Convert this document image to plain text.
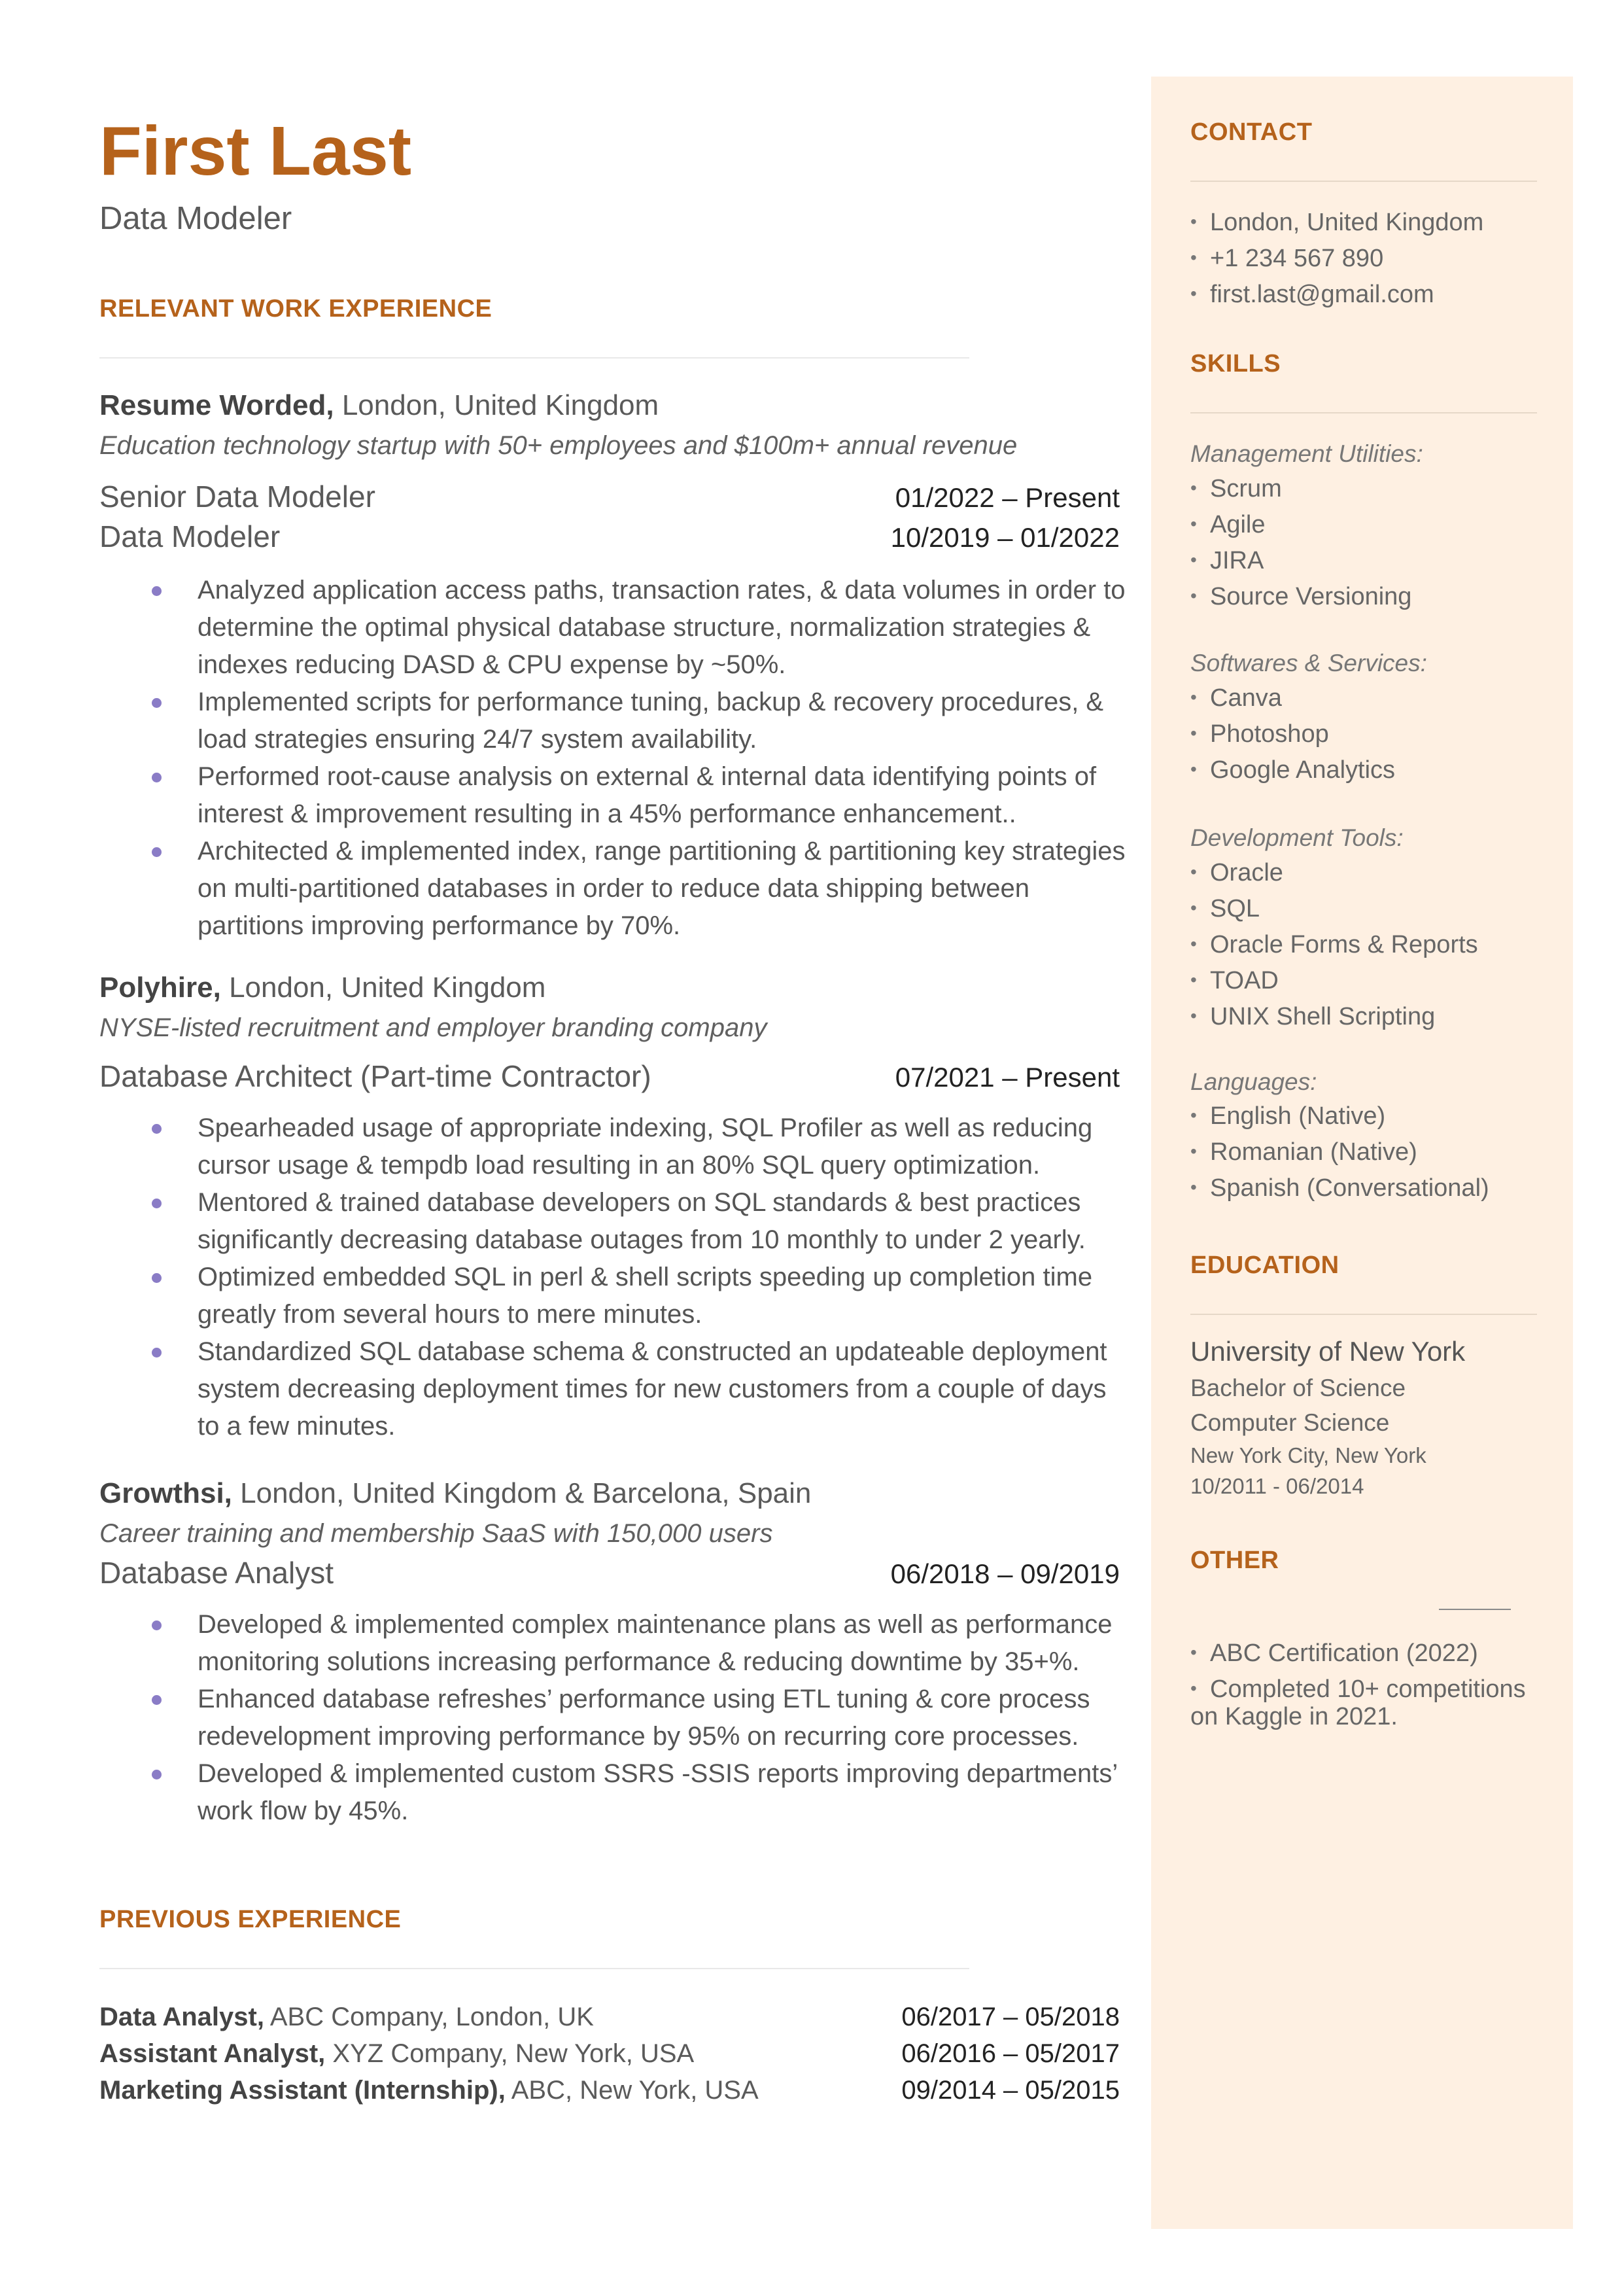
First Last
Data Modeler
RELEVANT WORK EXPERIENCE
Resume Worded, London, United Kingdom
Education technology startup with 50+ employees and $100m+ annual revenue
Senior Data Modeler	01/2022 – Present
Data Modeler	10/2019 – 01/2022
Analyzed application access paths, transaction rates, & data volumes in order to determine the optimal physical database structure, normalization strategies & indexes reducing DASD & CPU expense by ~50%.
Implemented scripts for performance tuning, backup & recovery procedures, & load strategies ensuring 24/7 system availability.
Performed root-cause analysis on external & internal data identifying points of interest & improvement resulting in a 45% performance enhancement..
Architected & implemented index, range partitioning & partitioning key strategies on multi-partitioned databases in order to reduce data shipping between partitions improving performance by 70%.
Polyhire, London, United Kingdom
NYSE-listed recruitment and employer branding company
Database Architect (Part-time Contractor)	07/2021 – Present
Spearheaded usage of appropriate indexing, SQL Profiler as well as reducing cursor usage & tempdb load resulting in an 80% SQL query optimization.
Mentored & trained database developers on SQL standards & best practices significantly decreasing database outages from 10 monthly to under 2 yearly.
Optimized embedded SQL in perl & shell scripts speeding up completion time greatly from several hours to mere minutes.
Standardized SQL database schema & constructed an updateable deployment system decreasing deployment times for new customers from a couple of days to a few minutes.
Growthsi, London, United Kingdom & Barcelona, Spain
Career training and membership SaaS with 150,000 users
Database Analyst	06/2018 – 09/2019
Developed & implemented complex maintenance plans as well as performance monitoring solutions increasing performance & reducing downtime by 35+%.
Enhanced database refreshes’ performance using ETL tuning & core process redevelopment improving performance by 95% on recurring core processes.
Developed & implemented custom SSRS -SSIS reports improving departments’ work flow by 45%.
PREVIOUS EXPERIENCE
Data Analyst, ABC Company, London, UK	06/2017 – 05/2018
Assistant Analyst, XYZ Company, New York, USA	06/2016 – 05/2017
Marketing Assistant (Internship), ABC, New York, USA	09/2014 – 05/2015
CONTACT
• London, United Kingdom
• +1 234 567 890
• first.last@gmail.com
SKILLS
Management Utilities:
• Scrum
• Agile
• JIRA
• Source Versioning
Softwares & Services:
• Canva
• Photoshop
• Google Analytics
Development Tools:
• Oracle
• SQL
• Oracle Forms & Reports
• TOAD
• UNIX Shell Scripting
Languages:
• English (Native)
• Romanian (Native)
• Spanish (Conversational)
EDUCATION
University of New York
Bachelor of Science
Computer Science
New York City, New York
10/2011 - 06/2014
OTHER
• ABC Certification (2022)
• Completed 10+ competitions
on Kaggle in 2021.
